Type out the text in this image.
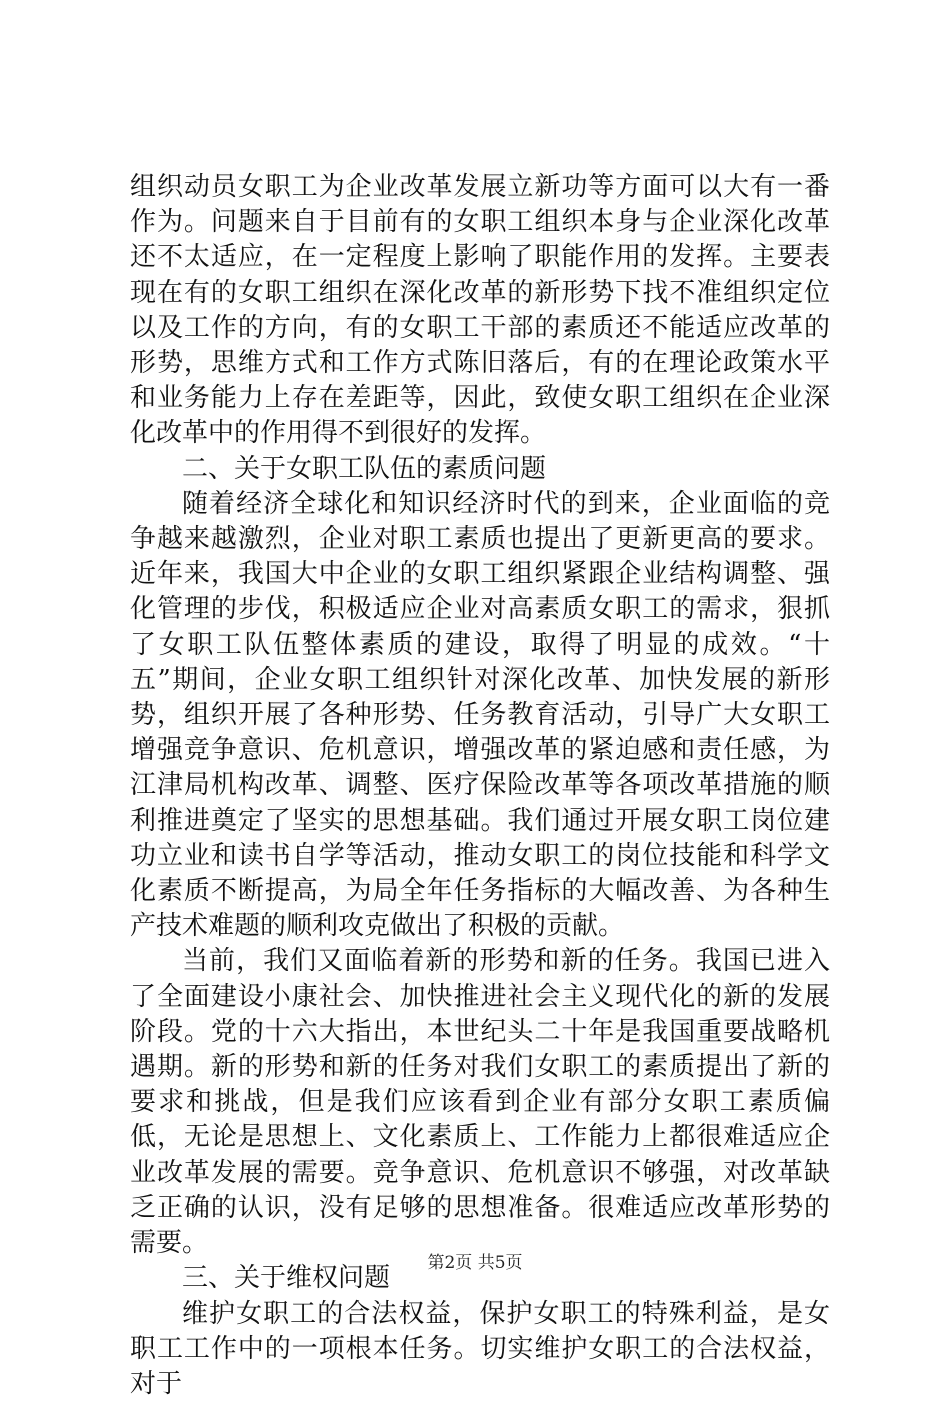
组织动员女职工为企业改革发展立新功等方面可以大有一番作为。问题来自于目前有的女职工组织本身与企业深化改革还不太适应，在一定程度上影响了职能作用的发挥。主要表现在有的女职工组织在深化改革的新形势下找不准组织定位以及工作的方向，有的女职工干部的素质还不能适应改革的形势，思维方式和工作方式陈旧落后，有的在理论政策水平和业务能力上存在差距等，因此，致使女职工组织在企业深化改革中的作用得不到很好的发挥。

二、关于女职工队伍的素质问题

随着经济全球化和知识经济时代的到来，企业面临的竞争越来越激烈，企业对职工素质也提出了更新更高的要求。近年来，我国大中企业的女职工组织紧跟企业结构调整、强化管理的步伐，积极适应企业对高素质女职工的需求，狠抓了女职工队伍整体素质的建设，取得了明显的成效。“十五”期间，企业女职工组织针对深化改革、加快发展的新形势，组织开展了各种形势、任务教育活动，引导广大女职工增强竞争意识、危机意识，增强改革的紧迫感和责任感，为江津局机构改革、调整、医疗保险改革等各项改革措施的顺利推进奠定了坚实的思想基础。我们通过开展女职工岗位建功立业和读书自学等活动，推动女职工的岗位技能和科学文化素质不断提高，为局全年任务指标的大幅改善、为各种生产技术难题的顺利攻克做出了积极的贡献。

当前，我们又面临着新的形势和新的任务。我国已进入了全面建设小康社会、加快推进社会主义现代化的新的发展阶段。党的十六大指出，本世纪头二十年是我国重要战略机遇期。新的形势和新的任务对我们女职工的素质提出了新的要求和挑战，但是我们应该看到企业有部分女职工素质偏低，无论是思想上、文化素质上、工作能力上都很难适应企业改革发展的需要。竞争意识、危机意识不够强，对改革缺乏正确的认识，没有足够的思想准备。很难适应改革形势的需要。

三、关于维权问题

维护女职工的合法权益，保护女职工的特殊利益，是女职工工作中的一项根本任务。切实维护女职工的合法权益，对于

第2页 共5页
